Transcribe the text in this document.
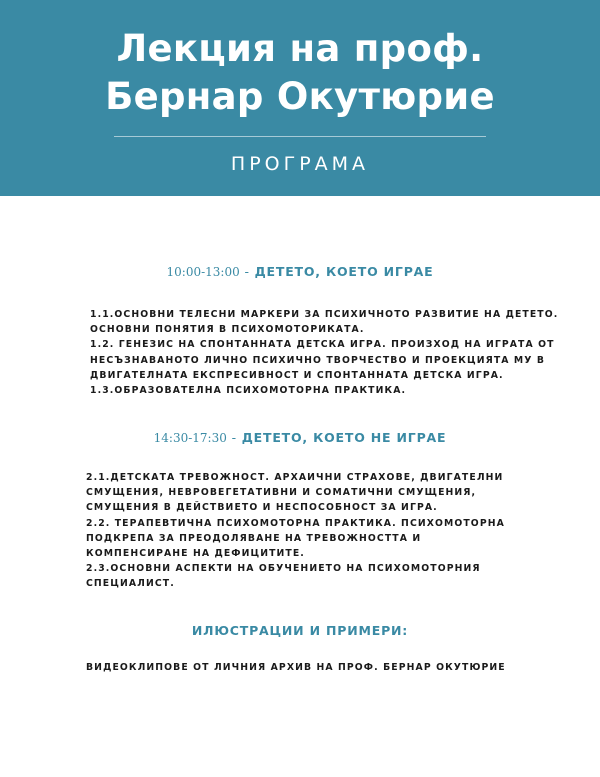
Лекция на проф.
Бернар Окутюрие
ПРОГРАМА
10:00-13:00 - ДЕТЕТО, КОЕТО ИГРАЕ
1.1.ОСНОВНИ ТЕЛЕСНИ МАРКЕРИ ЗА ПСИХИЧНОТО РАЗВИТИЕ НА ДЕТЕТО.
ОСНОВНИ ПОНЯТИЯ В ПСИХОМОТОРИКАТА.
1.2. ГЕНЕЗИС НА СПОНТАННАТА ДЕТСКА ИГРА. ПРОИЗХОД НА ИГРАТА ОТ
НЕСЪЗНАВАНОТО ЛИЧНО ПСИХИЧНО ТВОРЧЕСТВО И ПРОЕКЦИЯТА МУ В
ДВИГАТЕЛНАТА ЕКСПРЕСИВНОСТ И СПОНТАННАТА ДЕТСКА ИГРА.
1.3.ОБРАЗОВАТЕЛНА ПСИХОМОТОРНА ПРАКТИКА.
14:30-17:30 - ДЕТЕТО, КОЕТО НЕ ИГРАЕ
2.1.ДЕТСКАТА ТРЕВОЖНОСТ. АРХАИЧНИ СТРАХОВЕ, ДВИГАТЕЛНИ
СМУЩЕНИЯ, НЕВРОВЕГЕТАТИВНИ И СОМАТИЧНИ СМУЩЕНИЯ,
СМУЩЕНИЯ В ДЕЙСТВИЕТО И НЕСПОСОБНОСТ ЗА ИГРА.
2.2. ТЕРАПЕВТИЧНА ПСИХОМОТОРНА ПРАКТИКА. ПСИХОМОТОРНА
ПОДКРЕПА ЗА ПРЕОДОЛЯВАНЕ НА ТРЕВОЖНОСТТА И
КОМПЕНСИРАНЕ НА ДЕФИЦИТИТЕ.
2.3.ОСНОВНИ АСПЕКТИ НА ОБУЧЕНИЕТО НА ПСИХОМОТОРНИЯ
СПЕЦИАЛИСТ.
ИЛЮСТРАЦИИ И ПРИМЕРИ:
ВИДЕОКЛИПОВЕ ОТ ЛИЧНИЯ АРХИВ НА ПРОФ. БЕРНАР ОКУТЮРИЕ
